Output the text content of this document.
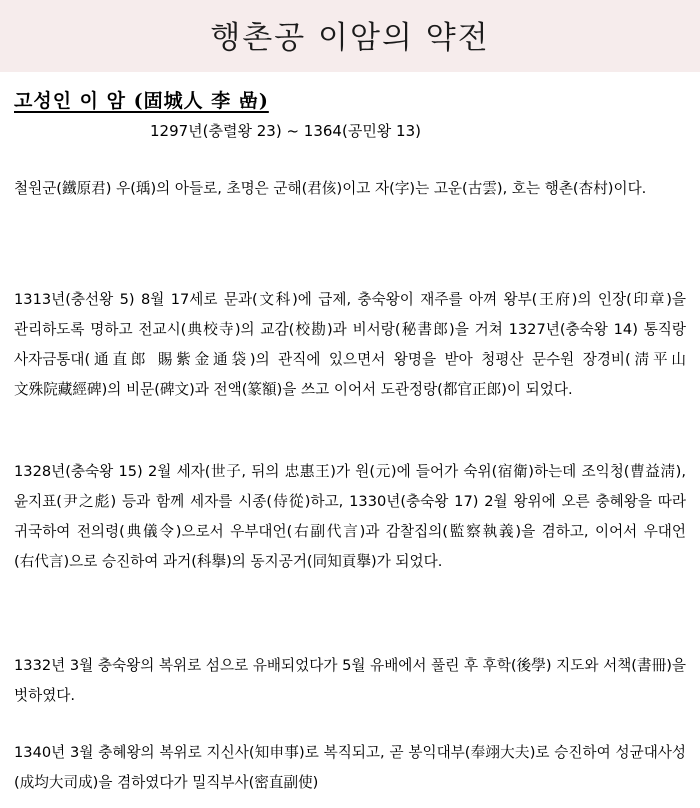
행촌공 이암의 약전
고성인 이 암 (固城人 李 嵒)

1297년(충렬왕 23) ~ 1364(공민왕 13)

철원군(鐵原君) 우(瑀)의 아들로, 초명은 군해(君侅)이고 자(字)는 고운(古雲), 호는 행촌(杏村)이다.

1313년(충선왕 5) 8월 17세로 문과(文科)에 급제, 충숙왕이 재주를 아껴 왕부(王府)의 인장(印章)을 관리하도록 명하고 전교시(典校寺)의 교감(校勘)과 비서랑(秘書郎)을 거쳐 1327년(충숙왕 14) 통직랑 사자금통대(通直郎 賜紫金通袋)의 관직에 있으면서 왕명을 받아 청평산 문수원 장경비(淸平山 文殊院藏經碑)의 비문(碑文)과 전액(篆額)을 쓰고 이어서 도관정랑(都官正郎)이 되었다.

1328년(충숙왕 15) 2월 세자(世子, 뒤의 忠惠王)가 원(元)에 들어가 숙위(宿衛)하는데 조익청(曹益淸), 윤지표(尹之彪) 등과 함께 세자를 시종(侍從)하고, 1330년(충숙왕 17) 2월 왕위에 오른 충혜왕을 따라 귀국하여 전의령(典儀令)으로서 우부대언(右副代言)과 감찰집의(監察執義)을 겸하고, 이어서 우대언(右代言)으로 승진하여 과거(科擧)의 동지공거(同知貢擧)가 되었다.

1332년 3월 충숙왕의 복위로 섬으로 유배되었다가 5월 유배에서 풀린 후 후학(後學) 지도와 서책(書冊)을 벗하였다.

1340년 3월 충혜왕의 복위로 지신사(知申事)로 복직되고, 곧 봉익대부(奉翊大夫)로 승진하여 성균대사성(成均大司成)을 겸하였다가 밀직부사(密直副使)
